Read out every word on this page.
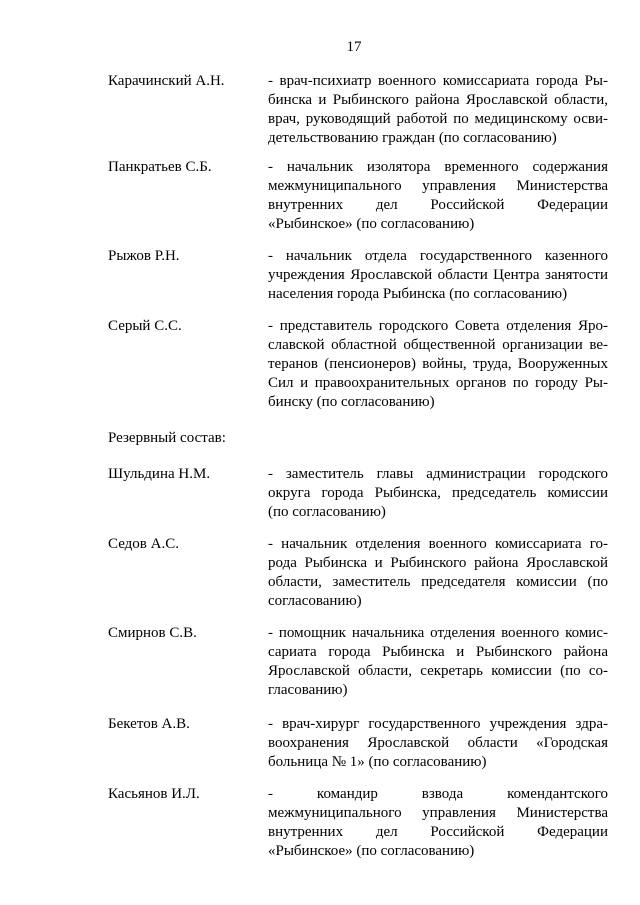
17
Карачинский А.Н.	- врач-психиатр военного комиссариата города Ры-
бинска и Рыбинского района Ярославской области,
врач, руководящий работой по медицинскому осви-
детельствованию граждан (по согласованию)
Панкратьев С.Б.	- начальник изолятора временного содержания
межмуниципального управления Министерства
внутренних дел Российской Федерации
«Рыбинское» (по согласованию)
Рыжов Р.Н.	- начальник отдела государственного казенного
учреждения Ярославской области Центра занятости
населения города Рыбинска (по согласованию)
Серый С.С.	- представитель городского Совета отделения Яро-
славской областной общественной организации ве-
теранов (пенсионеров) войны, труда, Вооруженных
Сил и правоохранительных органов по городу Ры-
бинску (по согласованию)
Резервный состав:
Шульдина Н.М.	- заместитель главы администрации городского
округа города Рыбинска, председатель комиссии
(по согласованию)
Седов А.С.	- начальник отделения военного комиссариата го-
рода Рыбинска и Рыбинского района Ярославской
области, заместитель председателя комиссии (по
согласованию)
Смирнов С.В.	- помощник начальника отделения военного комис-
сариата города Рыбинска и Рыбинского района
Ярославской области, секретарь комиссии (по со-
гласованию)
Бекетов А.В.	- врач-хирург государственного учреждения здра-
воохранения Ярославской области «Городская
больница № 1» (по согласованию)
Касьянов И.Л.	- командир взвода комендантского
межмуниципального управления Министерства
внутренних дел Российской Федерации
«Рыбинское» (по согласованию)
